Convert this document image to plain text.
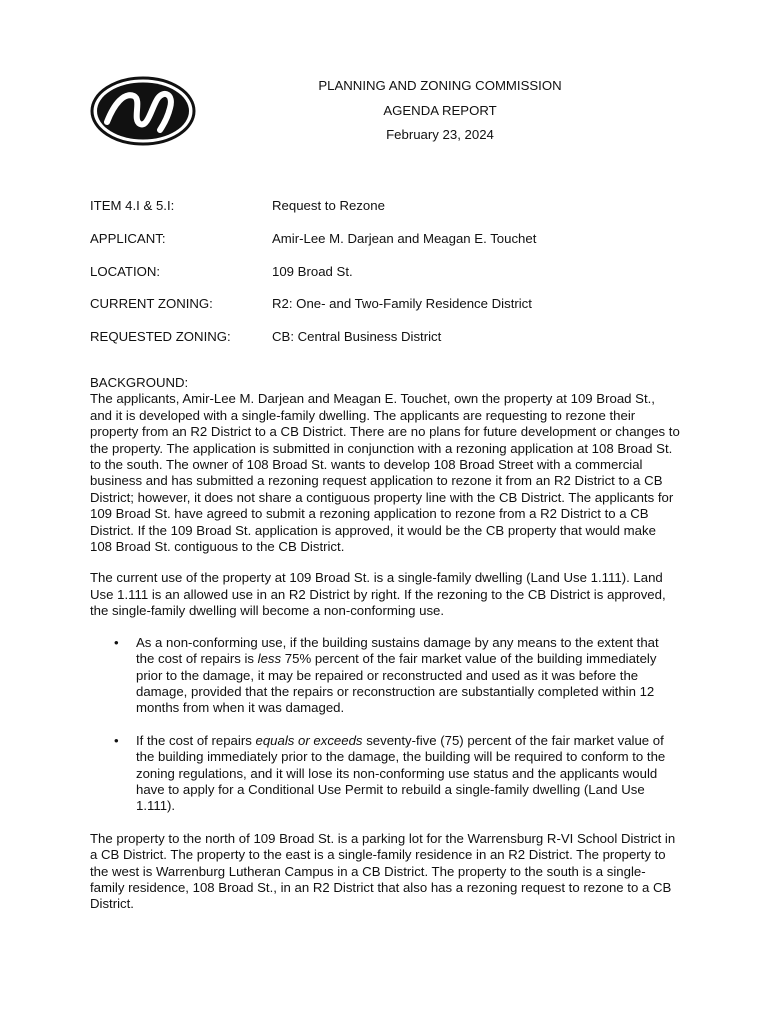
PLANNING AND ZONING COMMISSION
AGENDA REPORT
February 23, 2024
ITEM 4.I & 5.I:	Request to Rezone
APPLICANT:	Amir-Lee M. Darjean and Meagan E. Touchet
LOCATION:	109 Broad St.
CURRENT ZONING:	R2: One- and Two-Family Residence District
REQUESTED ZONING:	CB: Central Business District

BACKGROUND:
The applicants, Amir-Lee M. Darjean and Meagan E. Touchet, own the property at 109 Broad St., and it is developed with a single-family dwelling. The applicants are requesting to rezone their property from an R2 District to a CB District. There are no plans for future development or changes to the property. The application is submitted in conjunction with a rezoning application at 108 Broad St. to the south. The owner of 108 Broad St. wants to develop 108 Broad Street with a commercial business and has submitted a rezoning request application to rezone it from an R2 District to a CB District; however, it does not share a contiguous property line with the CB District. The applicants for 109 Broad St. have agreed to submit a rezoning application to rezone from a R2 District to a CB District. If the 109 Broad St. application is approved, it would be the CB property that would make 108 Broad St. contiguous to the CB District.

The current use of the property at 109 Broad St. is a single-family dwelling (Land Use 1.111). Land Use 1.111 is an allowed use in an R2 District by right. If the rezoning to the CB District is approved, the single-family dwelling will become a non-conforming use.

• As a non-conforming use, if the building sustains damage by any means to the extent that the cost of repairs is less 75% percent of the fair market value of the building immediately prior to the damage, it may be repaired or reconstructed and used as it was before the damage, provided that the repairs or reconstruction are substantially completed within 12 months from when it was damaged.
• If the cost of repairs equals or exceeds seventy-five (75) percent of the fair market value of the building immediately prior to the damage, the building will be required to conform to the zoning regulations, and it will lose its non-conforming use status and the applicants would have to apply for a Conditional Use Permit to rebuild a single-family dwelling (Land Use 1.111).

The property to the north of 109 Broad St. is a parking lot for the Warrensburg R-VI School District in a CB District. The property to the east is a single-family residence in an R2 District. The property to the west is Warrenburg Lutheran Campus in a CB District. The property to the south is a single-family residence, 108 Broad St., in an R2 District that also has a rezoning request to rezone to a CB District.
